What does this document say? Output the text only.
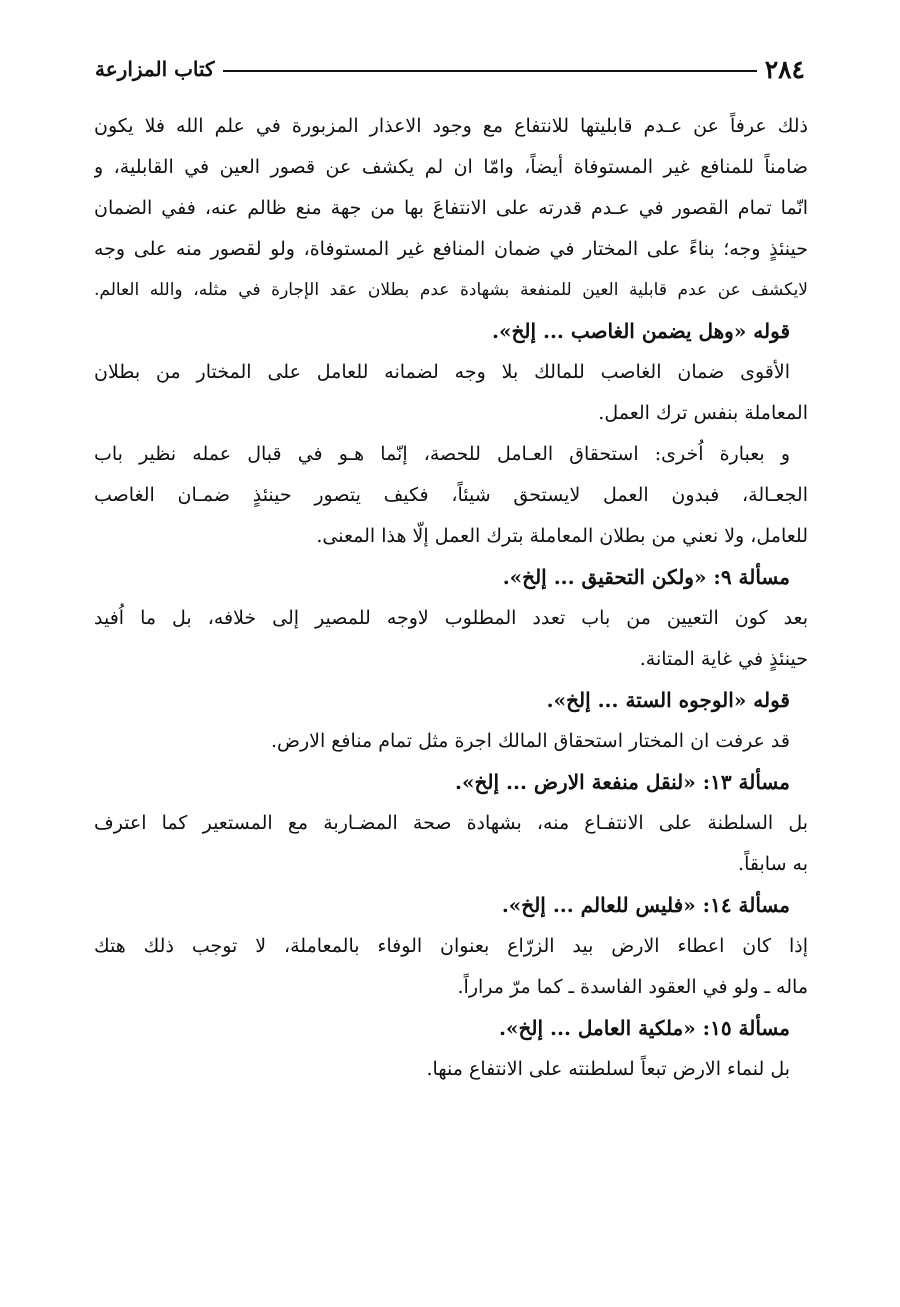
٢٨٤
كتاب المزارعة
ذلك عرفاً عن عـدم قابليتها للانتفاع مع وجود الاعذار المزبورة في علم الله فلا يكون
ضامناً للمنافع غير المستوفاة أيضاً، وامّا ان لم يكشف عن قصور العين في القابلية، و
انّما تمام القصور في عـدم قدرته على الانتفاعَ بها من جهة منع ظالم عنه، ففي الضمان
حينئذٍ وجه؛ بناءً على المختار في ضمان المنافع غير المستوفاة، ولو لقصور منه على وجه
لايكشف عن عدم قابلية العين للمنفعة بشهادة عدم بطلان عقد الإجارة في مثله، والله العالم.
قوله «وهل يضمن الغاصب ... إلخ».
الأقوى ضمان الغاصب للمالك بلا وجه لضمانه للعامل على المختار من بطلان
المعاملة بنفس ترك العمل.
و بعبارة اُخرى: استحقاق العـامل للحصة، إنّما هـو في قبال عمله نظير باب
الجعـالة، فبدون العمل لايستحق شيئاً، فكيف يتصور حينئذٍ ضمـان الغاصب
للعامل، ولا نعني من بطلان المعاملة بترك العمل إلّا هذا المعنى.
مسألة ٩: «ولكن التحقيق ... إلخ».
بعد كون التعيين من باب تعدد المطلوب لاوجه للمصير إلى خلافه، بل ما اُفيد
حينئذٍ في غاية المتانة.
قوله «الوجوه الستة ... إلخ».
قد عرفت ان المختار استحقاق المالك اجرة مثل تمام منافع الارض.
مسألة ١٣: «لنقل منفعة الارض ... إلخ».
بل السلطنة على الانتفـاع منه، بشهادة صحة المضـاربة مع المستعير كما اعترف
به سابقاً.
مسألة ١٤: «فليس للعالم ... إلخ».
إذا كان اعطاء الارض بيد الزرّاع بعنوان الوفاء بالمعاملة، لا توجب ذلك هتك
ماله ـ ولو في العقود الفاسدة ـ كما مرّ مراراً.
مسألة ١٥: «ملكية العامل ... إلخ».
بل لنماء الارض تبعاً لسلطنته على الانتفاع منها.
